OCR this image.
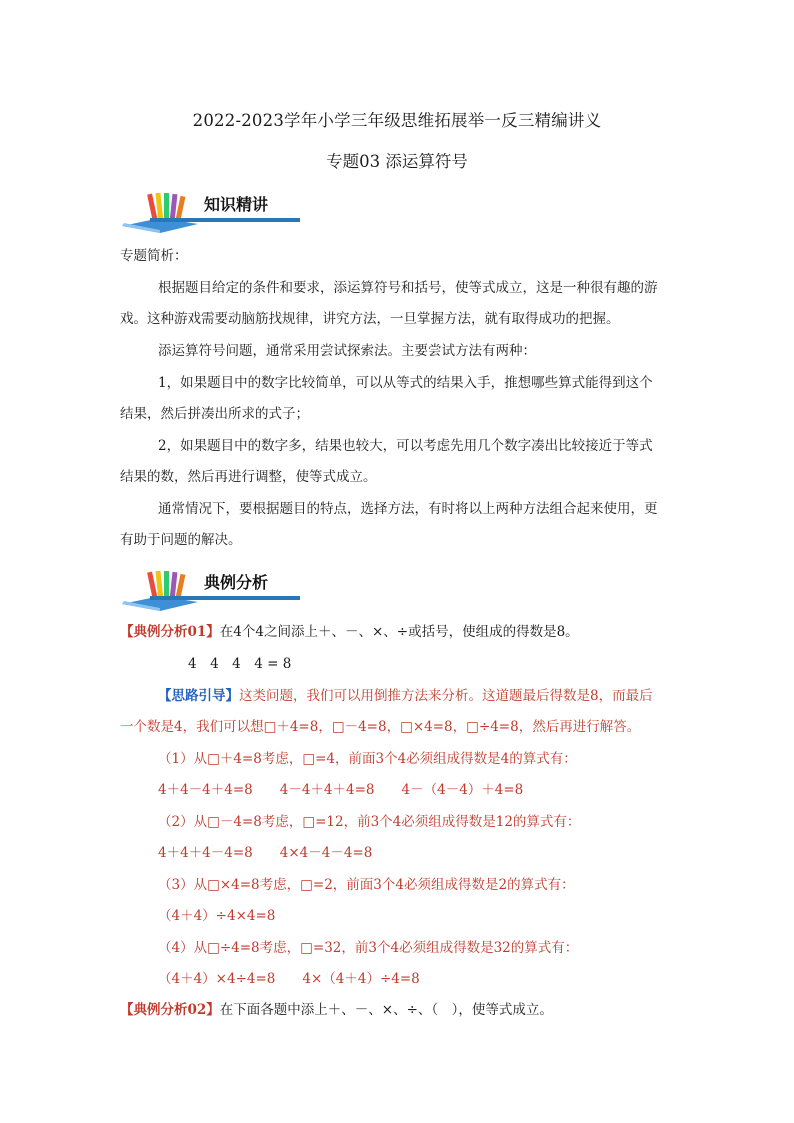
2022-2023学年小学三年级思维拓展举一反三精编讲义
专题03 添运算符号
知识精讲
专题简析：
根据题目给定的条件和要求，添运算符号和括号，使等式成立，这是一种很有趣的游
戏。这种游戏需要动脑筋找规律，讲究方法，一旦掌握方法，就有取得成功的把握。
添运算符号问题，通常采用尝试探索法。主要尝试方法有两种：
1，如果题目中的数字比较简单，可以从等式的结果入手，推想哪些算式能得到这个
结果，然后拼凑出所求的式子；
2，如果题目中的数字多，结果也较大，可以考虑先用几个数字凑出比较接近于等式
结果的数，然后再进行调整，使等式成立。
通常情况下，要根据题目的特点，选择方法，有时将以上两种方法组合起来使用，更
有助于问题的解决。
典例分析
【典例分析01】在4个4之间添上＋、－、×、÷或括号，使组成的得数是8。
4　4　4　4 = 8
【思路引导】这类问题，我们可以用倒推方法来分析。这道题最后得数是8，而最后
一个数是4，我们可以想□＋4=8，□－4=8，□×4=8，□÷4=8，然后再进行解答。
（1）从□＋4=8考虑，□=4，前面3个4必须组成得数是4的算式有：
4＋4－4＋4=8　　4－4＋4＋4=8　　4－（4－4）＋4=8
（2）从□－4=8考虑，□=12，前3个4必须组成得数是12的算式有：
4＋4＋4－4=8　　4×4－4－4=8
（3）从□×4=8考虑，□=2，前面3个4必须组成得数是2的算式有：
（4＋4）÷4×4=8
（4）从□÷4=8考虑，□=32，前3个4必须组成得数是32的算式有：
（4＋4）×4÷4=8　　4×（4＋4）÷4=8
【典例分析02】在下面各题中添上＋、－、×、÷、（　），使等式成立。
